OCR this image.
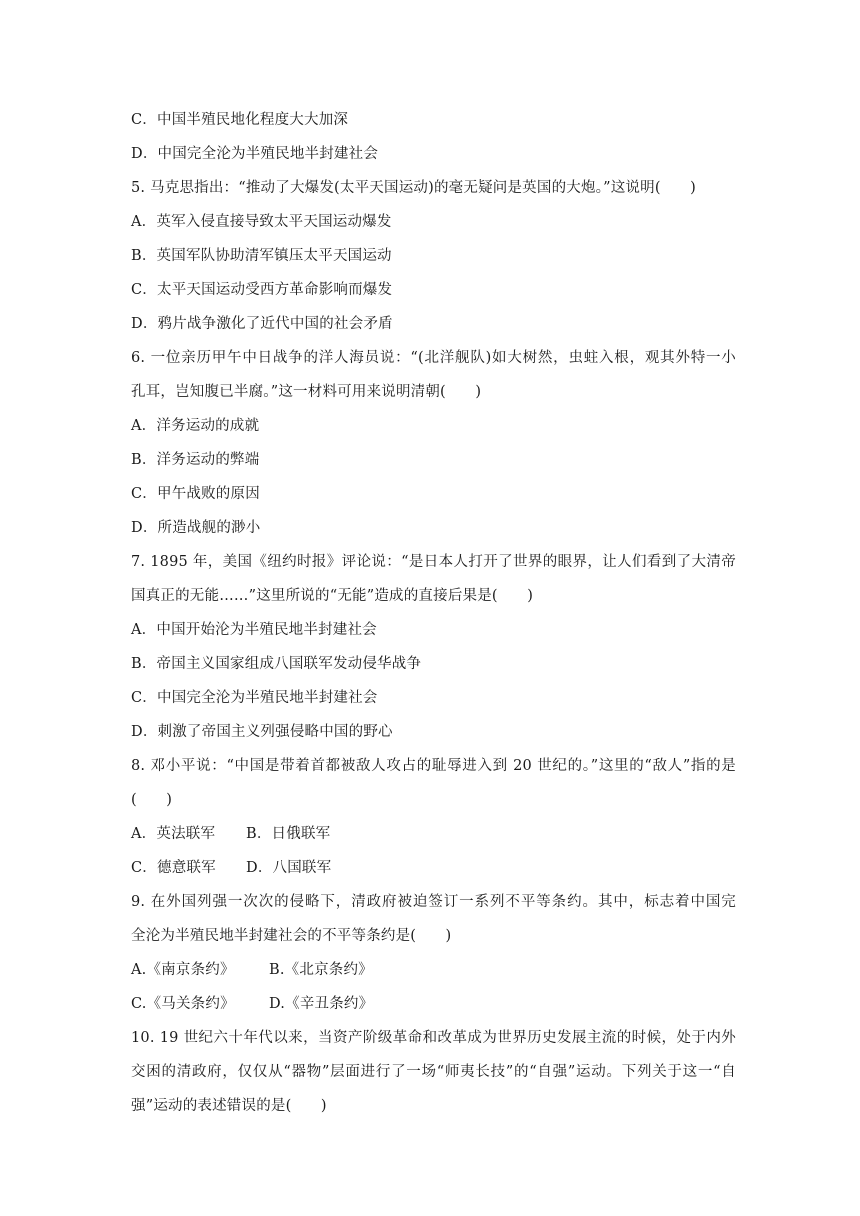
C．中国半殖民地化程度大大加深
D．中国完全沦为半殖民地半封建社会
5. 马克思指出：“推动了大爆发(太平天国运动)的毫无疑问是英国的大炮。”这说明(　　)
A．英军入侵直接导致太平天国运动爆发
B．英国军队协助清军镇压太平天国运动
C．太平天国运动受西方革命影响而爆发
D．鸦片战争激化了近代中国的社会矛盾
6. 一位亲历甲午中日战争的洋人海员说：“(北洋舰队)如大树然，虫蛀入根，观其外特一小
孔耳，岂知腹已半腐。”这一材料可用来说明清朝(　　)
A．洋务运动的成就
B．洋务运动的弊端
C．甲午战败的原因
D．所造战舰的渺小
7. 1895 年，美国《纽约时报》评论说：“是日本人打开了世界的眼界，让人们看到了大清帝
国真正的无能……”这里所说的“无能”造成的直接后果是(　　)
A．中国开始沦为半殖民地半封建社会
B．帝国主义国家组成八国联军发动侵华战争
C．中国完全沦为半殖民地半封建社会
D．刺激了帝国主义列强侵略中国的野心
8. 邓小平说：“中国是带着首都被敌人攻占的耻辱进入到 20 世纪的。”这里的“敌人”指的是
(　　)
A．英法联军 B．日俄联军
C．德意联军 D．八国联军
9. 在外国列强一次次的侵略下，清政府被迫签订一系列不平等条约。其中，标志着中国完
全沦为半殖民地半封建社会的不平等条约是(　　)
A.《南京条约》 B.《北京条约》
C.《马关条约》 D.《辛丑条约》
10. 19 世纪六十年代以来，当资产阶级革命和改革成为世界历史发展主流的时候，处于内外
交困的清政府，仅仅从“器物”层面进行了一场“师夷长技”的“自强”运动。下列关于这一“自
强”运动的表述错误的是(　　)
